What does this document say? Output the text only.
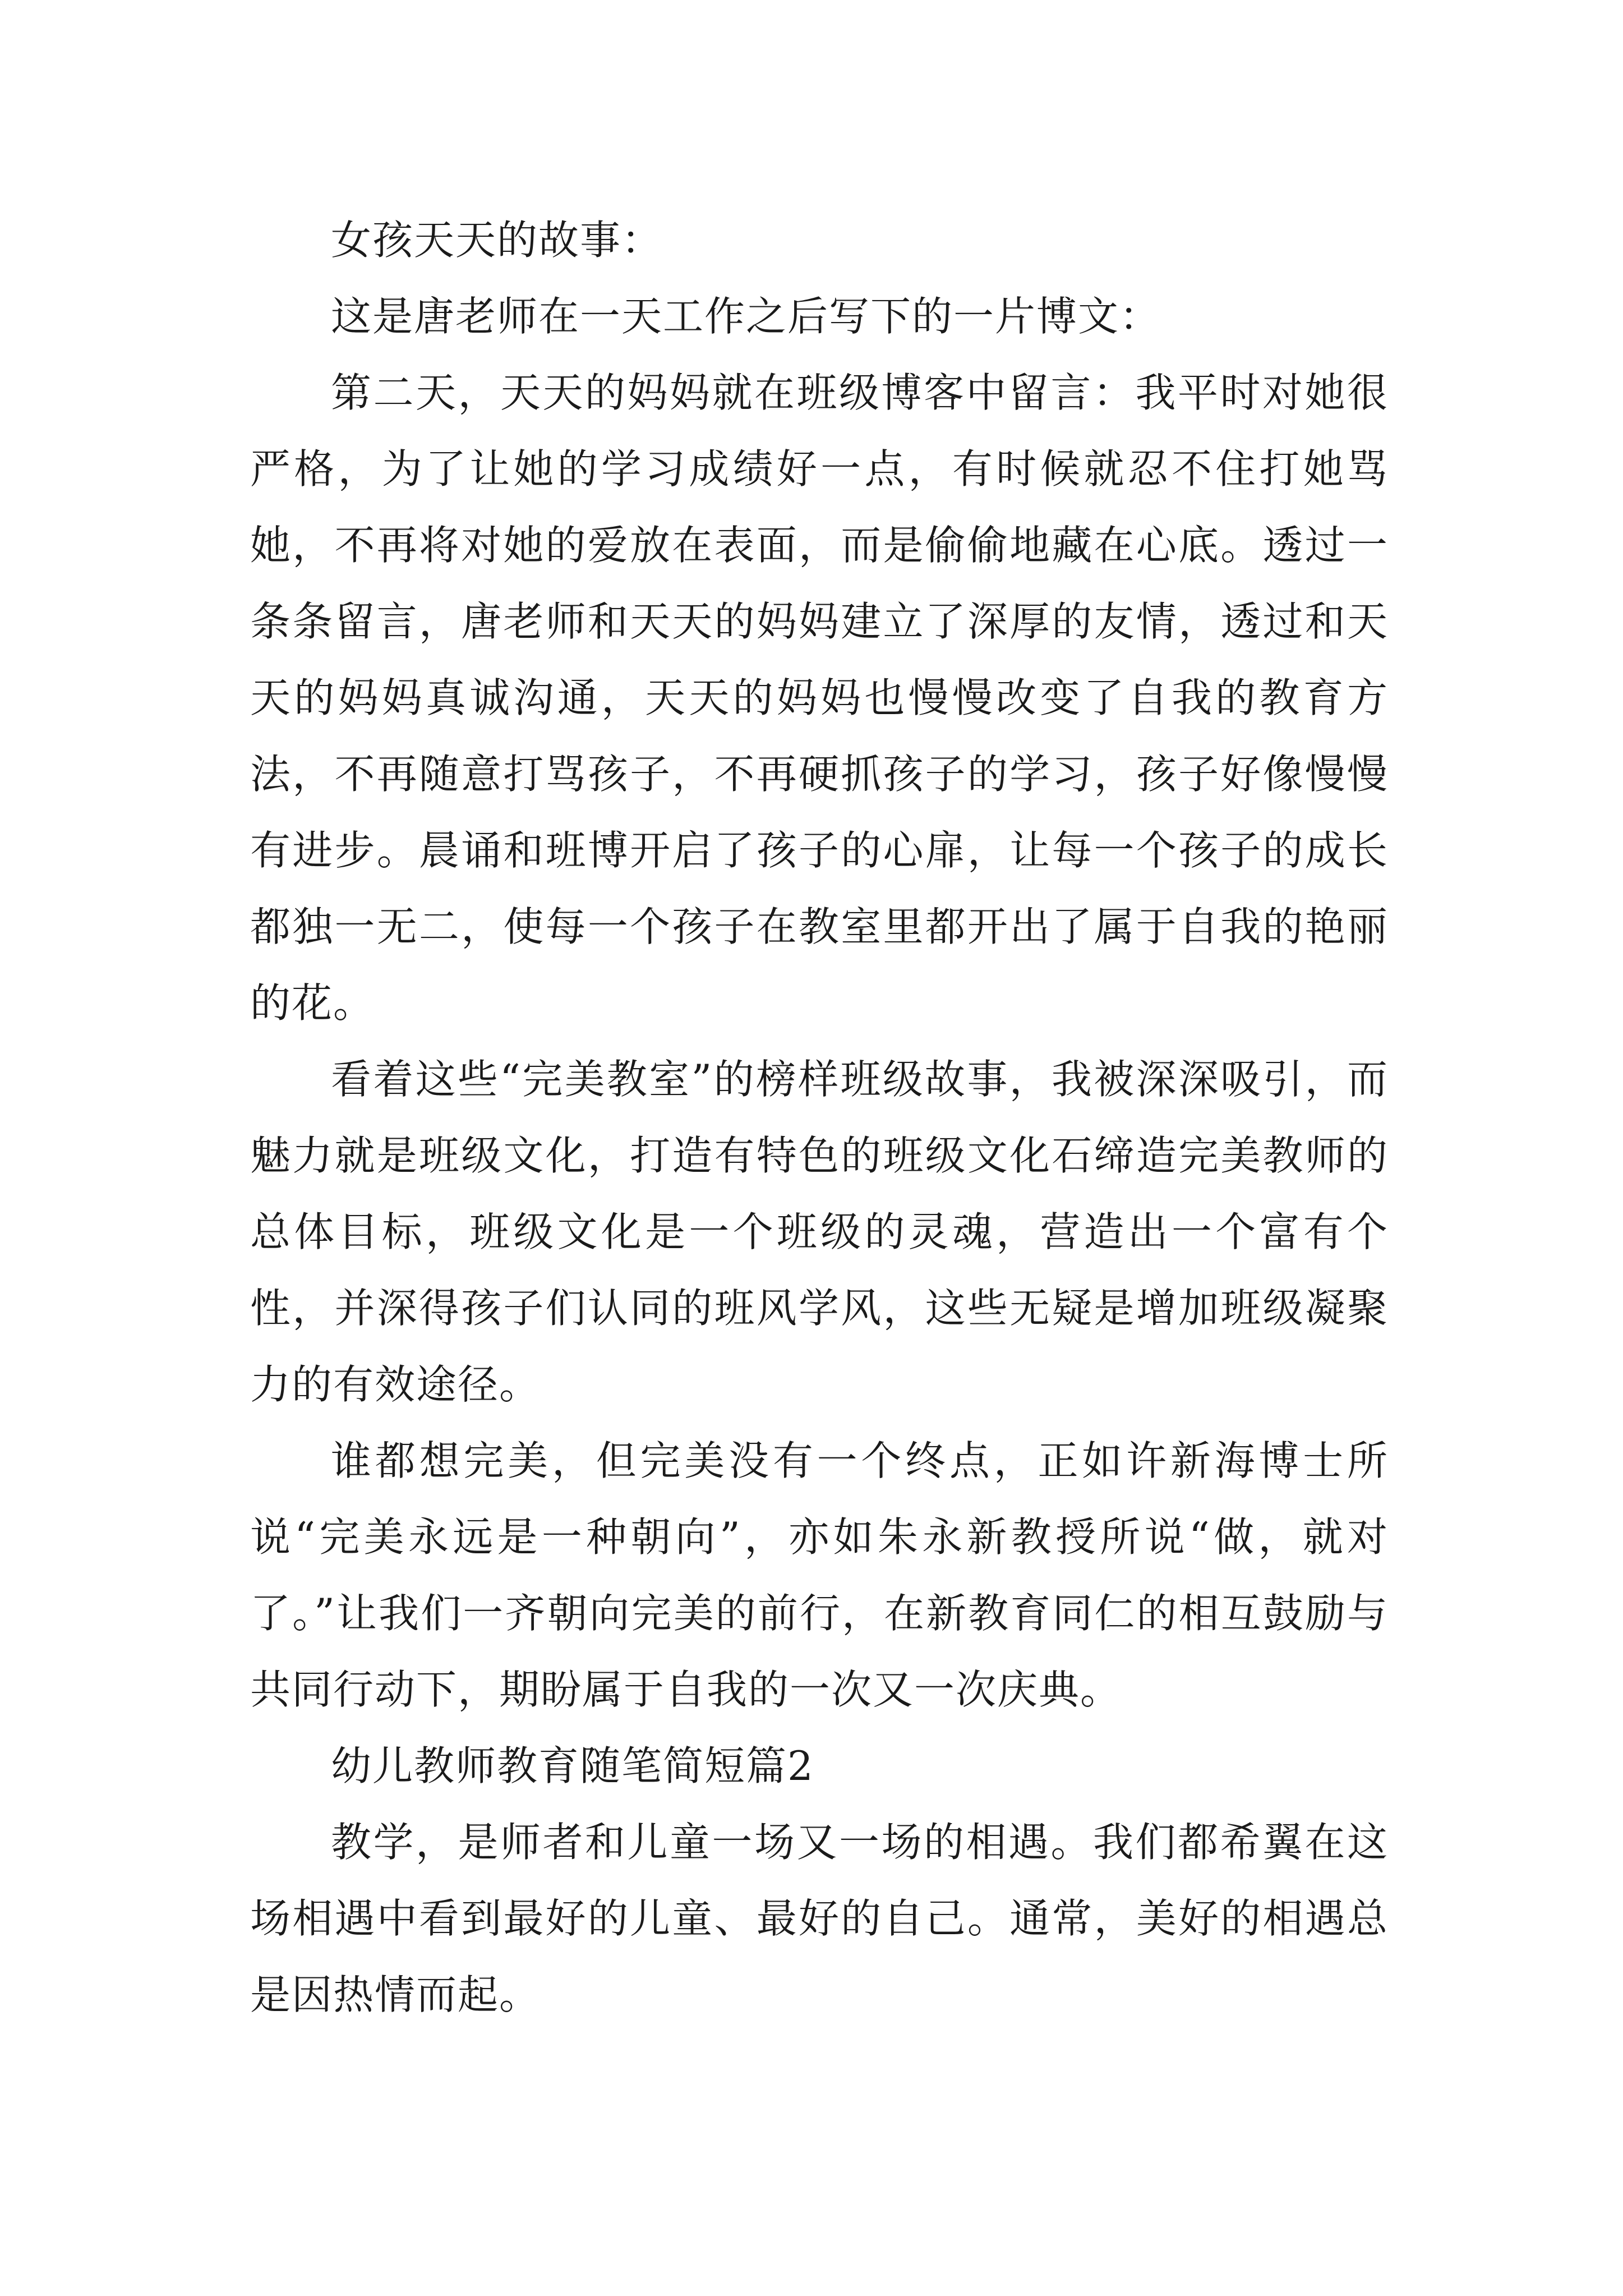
女孩天天的故事：

这是唐老师在一天工作之后写下的一片博文：

第二天，天天的妈妈就在班级博客中留言：我平时对她很严格，为了让她的学习成绩好一点，有时候就忍不住打她骂她，不再将对她的爱放在表面，而是偷偷地藏在心底。透过一条条留言，唐老师和天天的妈妈建立了深厚的友情，透过和天天的妈妈真诚沟通，天天的妈妈也慢慢改变了自我的教育方法，不再随意打骂孩子，不再硬抓孩子的学习，孩子好像慢慢有进步。晨诵和班博开启了孩子的心扉，让每一个孩子的成长都独一无二，使每一个孩子在教室里都开出了属于自我的艳丽的花。

看着这些“完美教室”的榜样班级故事，我被深深吸引，而魅力就是班级文化，打造有特色的班级文化石缔造完美教师的总体目标，班级文化是一个班级的灵魂，营造出一个富有个性，并深得孩子们认同的班风学风，这些无疑是增加班级凝聚力的有效途径。

谁都想完美，但完美没有一个终点，正如许新海博士所说“完美永远是一种朝向”，亦如朱永新教授所说“做，就对了。”让我们一齐朝向完美的前行，在新教育同仁的相互鼓励与共同行动下，期盼属于自我的一次又一次庆典。

幼儿教师教育随笔简短篇2

教学，是师者和儿童一场又一场的相遇。我们都希翼在这场相遇中看到最好的儿童、最好的自己。通常，美好的相遇总是因热情而起。
